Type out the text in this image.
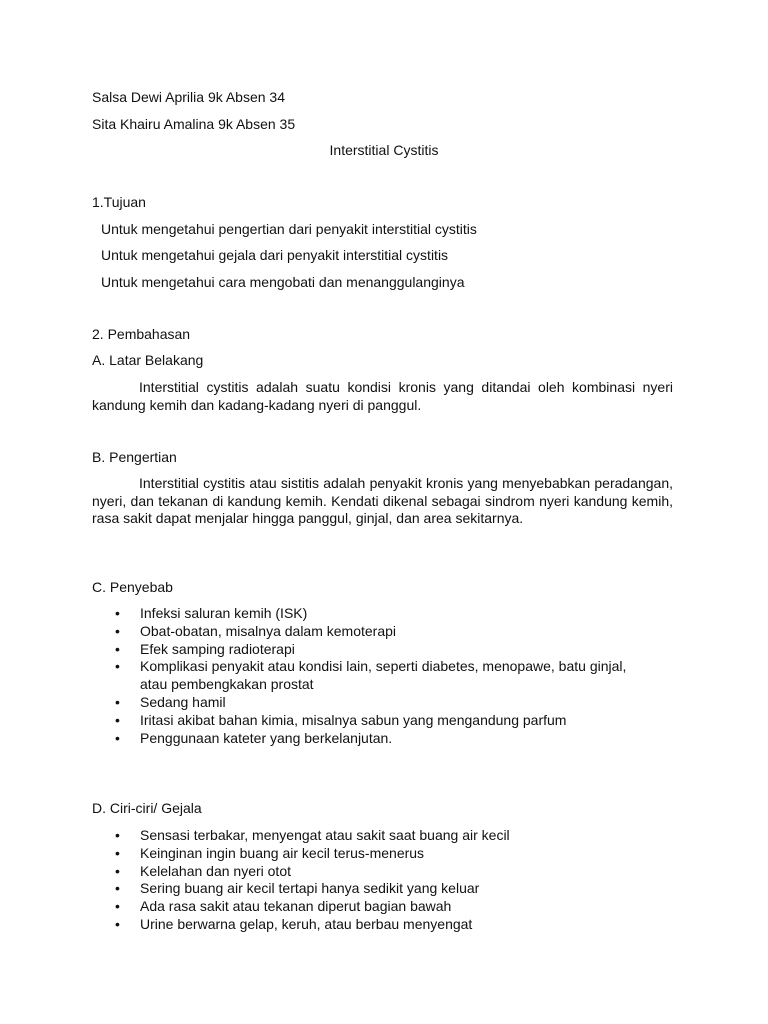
Salsa Dewi Aprilia 9k Absen 34
Sita Khairu Amalina 9k Absen 35
Interstitial Cystitis
1.Tujuan
Untuk mengetahui pengertian dari penyakit interstitial cystitis
Untuk mengetahui gejala dari penyakit interstitial cystitis
Untuk mengetahui cara mengobati dan menanggulanginya
2. Pembahasan
A. Latar Belakang
Interstitial cystitis adalah suatu kondisi kronis yang ditandai oleh kombinasi nyeri kandung kemih dan kadang-kadang nyeri di panggul.
B. Pengertian
Interstitial cystitis atau sistitis adalah penyakit kronis yang menyebabkan peradangan, nyeri, dan tekanan di kandung kemih. Kendati dikenal sebagai sindrom nyeri kandung kemih, rasa sakit dapat menjalar hingga panggul, ginjal, dan area sekitarnya.
C. Penyebab
• Infeksi saluran kemih (ISK)
• Obat-obatan, misalnya dalam kemoterapi
• Efek samping radioterapi
• Komplikasi penyakit atau kondisi lain, seperti diabetes, menopawe, batu ginjal,
atau pembengkakan prostat
• Sedang hamil
• Iritasi akibat bahan kimia, misalnya sabun yang mengandung parfum
• Penggunaan kateter yang berkelanjutan.
D. Ciri-ciri/ Gejala
• Sensasi terbakar, menyengat atau sakit saat buang air kecil
• Keinginan ingin buang air kecil terus-menerus
• Kelelahan dan nyeri otot
• Sering buang air kecil tertapi hanya sedikit yang keluar
• Ada rasa sakit atau tekanan diperut bagian bawah
• Urine berwarna gelap, keruh, atau berbau menyengat
